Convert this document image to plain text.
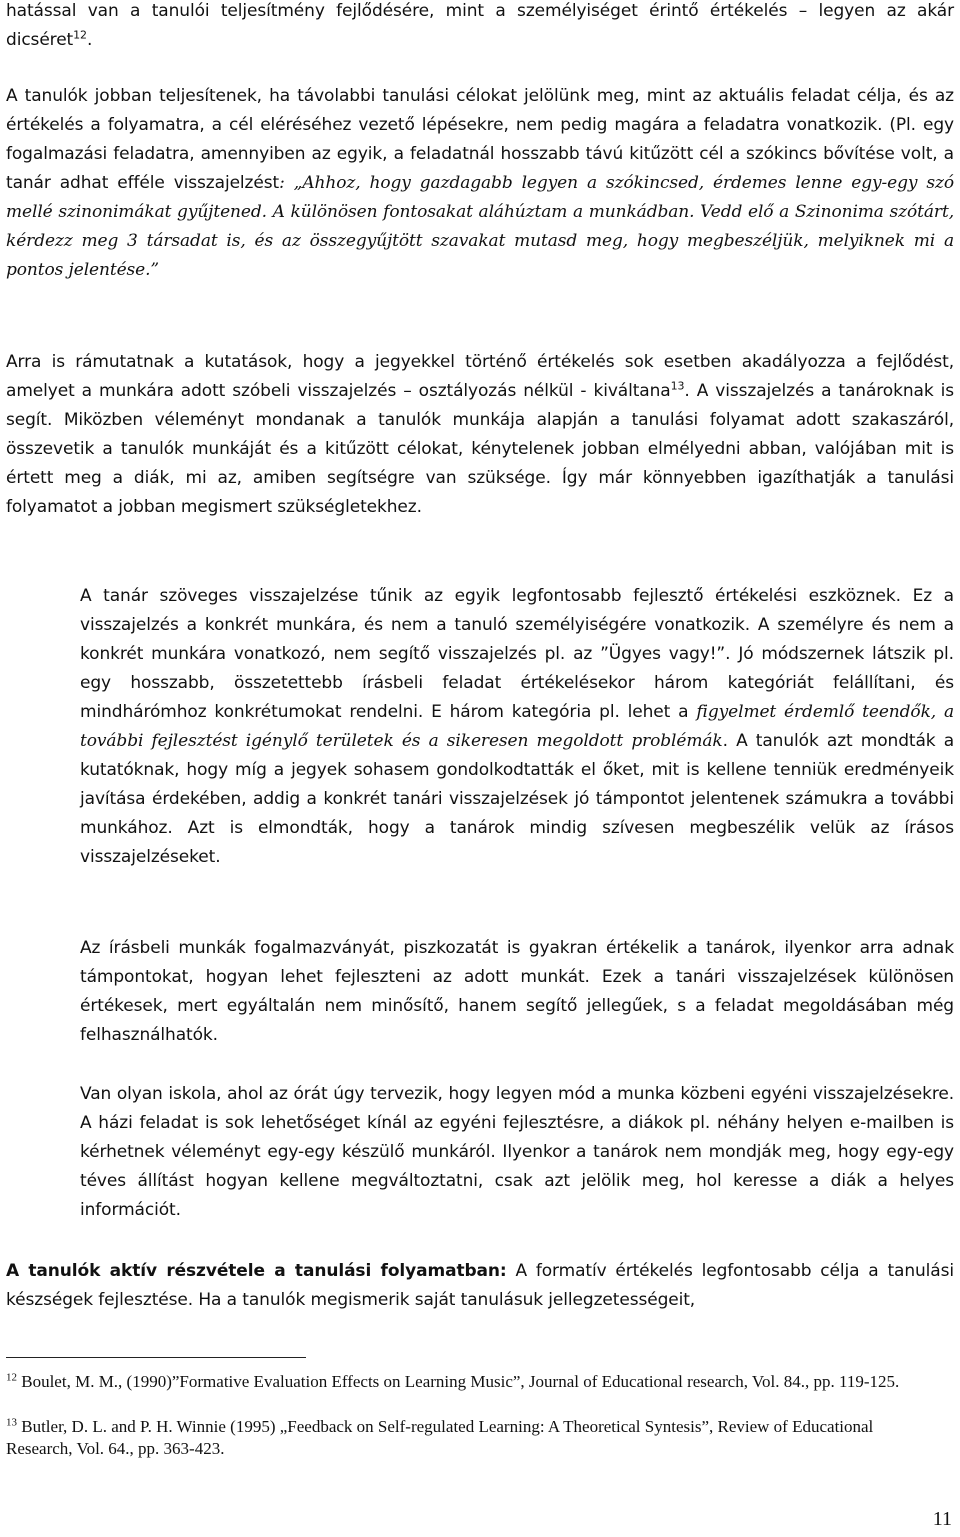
hatással van a tanulói teljesítmény fejlődésére, mint a személyiséget érintő értékelés – legyen az akár dicséret$^{12}$.

A tanulók jobban teljesítenek, ha távolabbi tanulási célokat jelölünk meg, mint az aktuális feladat célja, és az értékelés a folyamatra, a cél eléréséhez vezető lépésekre, nem pedig magára a feladatra vonatkozik. (Pl. egy fogalmazási feladatra, amennyiben az egyik, a feladatnál hosszabb távú kitűzött cél a szókincs bővítése volt, a tanár adhat efféle visszajelzést: „Ahhoz, hogy gazdagabb legyen a szókincsed, érdemes lenne egy-egy szó mellé szinonimákat gyűjtened. A különösen fontosakat aláhúztam a munkádban. Vedd elő a Szinonima szótárt, kérdezz meg 3 társadat is, és az összegyűjtött szavakat mutasd meg, hogy megbeszéljük, melyiknek mi a pontos jelentése.”

Arra is rámutatnak a kutatások, hogy a jegyekkel történő értékelés sok esetben akadályozza a fejlődést, amelyet a munkára adott szóbeli visszajelzés – osztályozás nélkül - kiváltana$^{13}$. A visszajelzés a tanároknak is segít. Miközben véleményt mondanak a tanulók munkája alapján a tanulási folyamat adott szakaszáról, összevetik a tanulók munkáját és a kitűzött célokat, kénytelenek jobban elmélyedni abban, valójában mit is értett meg a diák, mi az, amiben segítségre van szüksége. Így már könnyebben igazíthatják a tanulási folyamatot a jobban megismert szükségletekhez.

A tanár szöveges visszajelzése tűnik az egyik legfontosabb fejlesztő értékelési eszköznek. Ez a visszajelzés a konkrét munkára, és nem a tanuló személyiségére vonatkozik. A személyre és nem a konkrét munkára vonatkozó, nem segítő visszajelzés pl. az ”Ügyes vagy!”. Jó módszernek látszik pl. egy hosszabb, összetettebb írásbeli feladat értékelésekor három kategóriát felállítani, és mindhárómhoz konkrétumokat rendelni. E három kategória pl. lehet a figyelmet érdemlő teendők, a további fejlesztést igénylő területek és a sikeresen megoldott problémák. A tanulók azt mondták a kutatóknak, hogy míg a jegyek sohasem gondolkodtatták el őket, mit is kellene tenniük eredményeik javítása érdekében, addig a konkrét tanári visszajelzések jó támpontot jelentenek számukra a további munkához. Azt is elmondták, hogy a tanárok mindig szívesen megbeszélik velük az írásos visszajelzéseket.

Az írásbeli munkák fogalmazványát, piszkozatát is gyakran értékelik a tanárok, ilyenkor arra adnak támpontokat, hogyan lehet fejleszteni az adott munkát. Ezek a tanári visszajelzések különösen értékesek, mert egyáltalán nem minősítő, hanem segítő jellegűek, s a feladat megoldásában még felhasználhatók.

Van olyan iskola, ahol az órát úgy tervezik, hogy legyen mód a munka közbeni egyéni visszajelzésekre. A házi feladat is sok lehetőséget kínál az egyéni fejlesztésre, a diákok pl. néhány helyen e-mailben is kérhetnek véleményt egy-egy készülő munkáról. Ilyenkor a tanárok nem mondják meg, hogy egy-egy téves állítást hogyan kellene megváltoztatni, csak azt jelölik meg, hol keresse a diák a helyes információt.

A tanulók aktív részvétele a tanulási folyamatban: A formatív értékelés legfontosabb célja a tanulási készségek fejlesztése. Ha a tanulók megismerik saját tanulásuk jellegzetességeit,

$^{12}$ Boulet, M. M., (1990)”Formative Evaluation Effects on Learning Music”, Journal of Educational research, Vol. 84., pp. 119-125.

$^{13}$ Butler, D. L. and P. H. Winnie (1995) „Feedback on Self-regulated Learning: A Theoretical Syntesis”, Review of Educational Research, Vol. 64., pp. 363-423.

11
